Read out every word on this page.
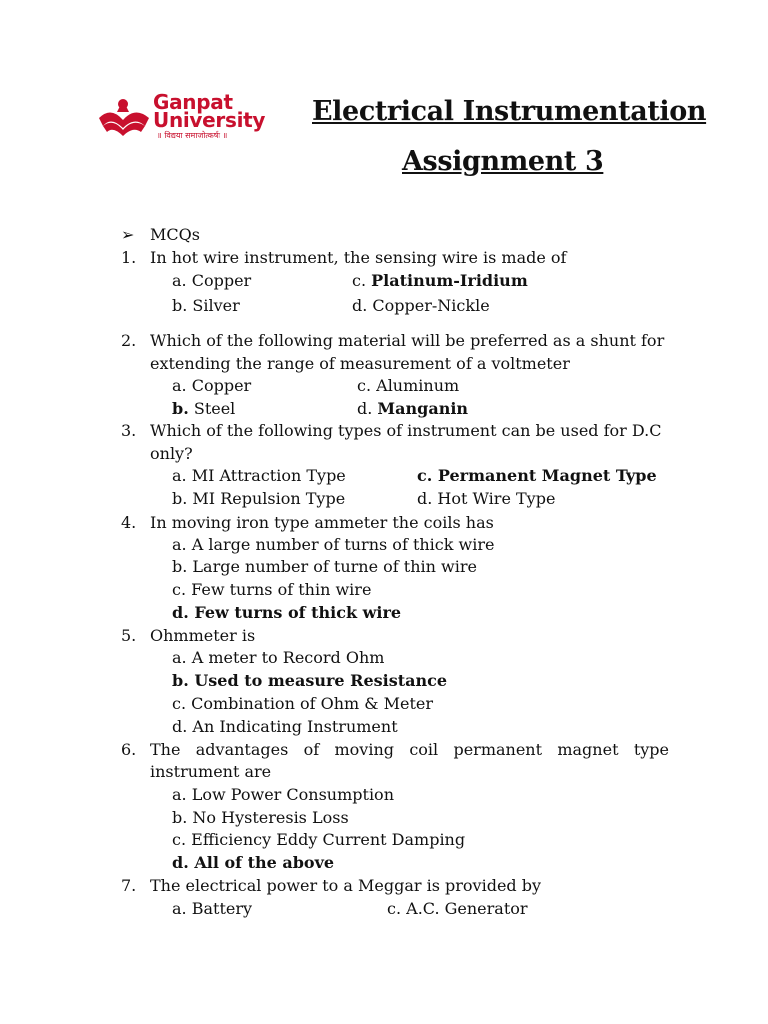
Ganpat
University
॥ विद्यया समाजोत्कर्षः ॥
Electrical Instrumentation
Assignment 3
➢ MCQs
1. In hot wire instrument, the sensing wire is made of
a. Copper	c. Platinum-Iridium
b. Silver	d. Copper-Nickle
2. Which of the following material will be preferred as a shunt for
extending the range of measurement of a voltmeter
a. Copper	c. Aluminum
b. Steel	d. Manganin
3. Which of the following types of instrument can be used for D.C
only?
a. MI Attraction Type	c. Permanent Magnet Type
b. MI Repulsion Type	d. Hot Wire Type
4. In moving iron type ammeter the coils has
a. A large number of turns of thick wire
b. Large number of turne of thin wire
c. Few turns of thin wire
d. Few turns of thick wire
5. Ohmmeter is
a. A meter to Record Ohm
b. Used to measure Resistance
c. Combination of Ohm & Meter
d. An Indicating Instrument
6. The advantages of moving coil permanent magnet type
instrument are
a. Low Power Consumption
b. No Hysteresis Loss
c. Efficiency Eddy Current Damping
d. All of the above
7. The electrical power to a Meggar is provided by
a. Battery	c. A.C. Generator
